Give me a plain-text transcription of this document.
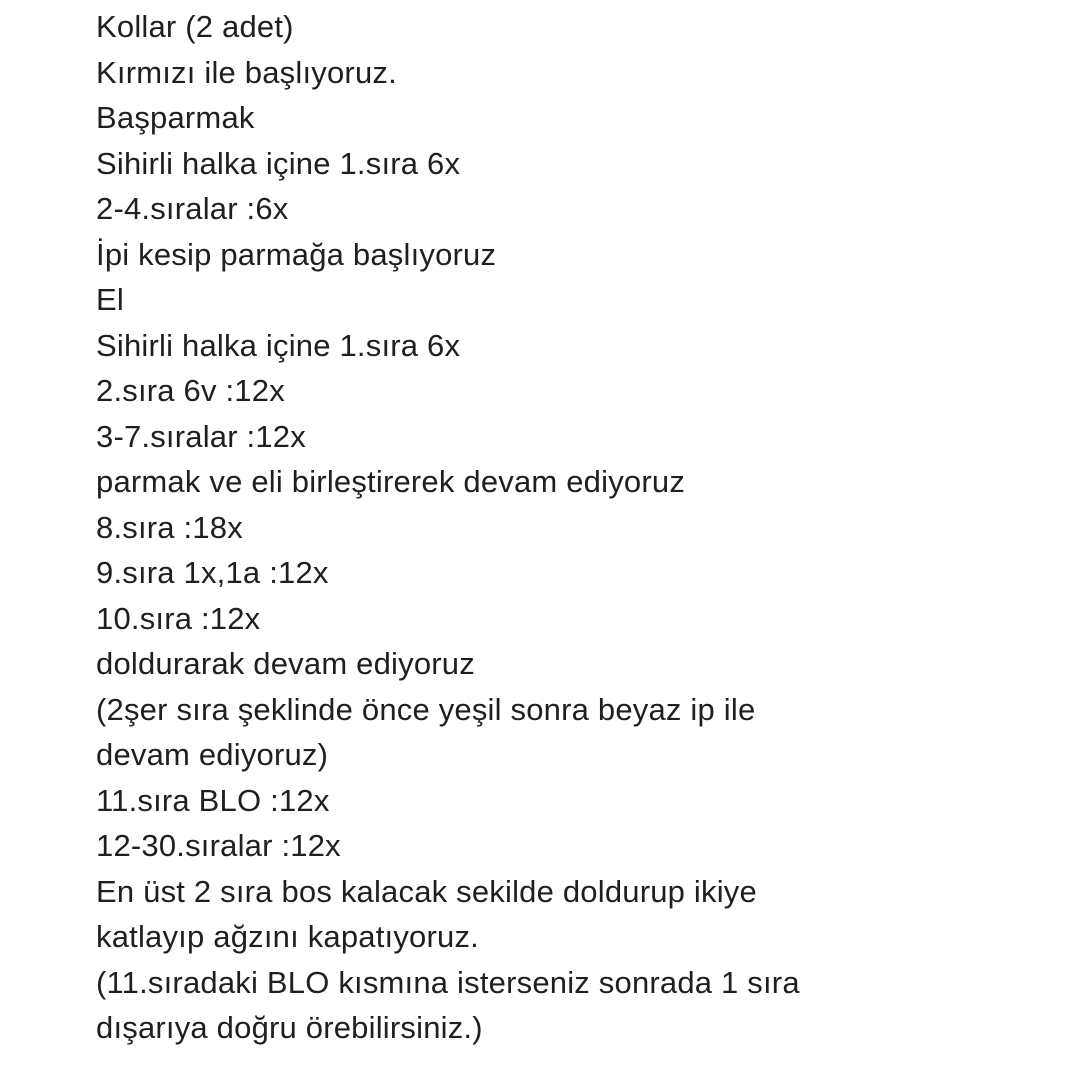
Kollar (2 adet)
Kırmızı ile başlıyoruz.
Başparmak
Sihirli halka içine 1.sıra 6x
2-4.sıralar :6x
İpi kesip parmağa başlıyoruz
El
Sihirli halka içine 1.sıra 6x
2.sıra 6v :12x
3-7.sıralar :12x
parmak ve eli birleştirerek devam ediyoruz
8.sıra :18x
9.sıra 1x,1a :12x
10.sıra :12x
doldurarak devam ediyoruz
(2şer sıra şeklinde önce yeşil sonra beyaz ip ile
devam ediyoruz)
11.sıra BLO :12x
12-30.sıralar :12x
En üst 2 sıra bos kalacak sekilde doldurup ikiye
katlayıp ağzını kapatıyoruz.
(11.sıradaki BLO kısmına isterseniz sonrada 1 sıra
dışarıya doğru örebilirsiniz.)
